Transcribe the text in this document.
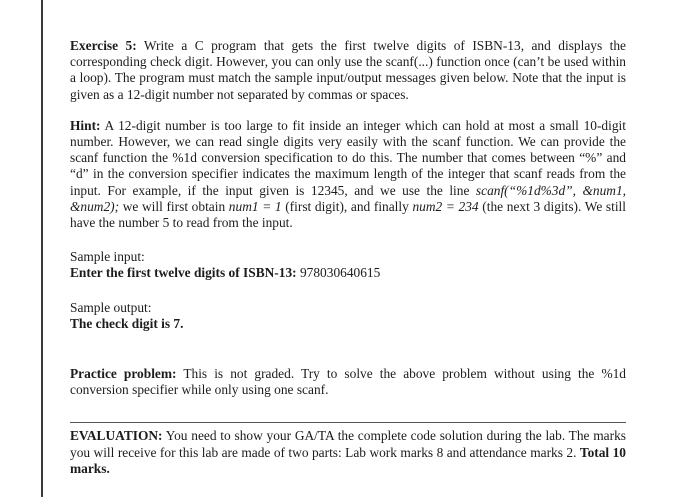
Exercise 5: Write a C program that gets the first twelve digits of ISBN-13, and displays the corresponding check digit. However, you can only use the scanf(...) function once (can’t be used within a loop). The program must match the sample input/output messages given below. Note that the input is given as a 12-digit number not separated by commas or spaces.

Hint: A 12-digit number is too large to fit inside an integer which can hold at most a small 10-digit number. However, we can read single digits very easily with the scanf function. We can provide the scanf function the %1d conversion specification to do this. The number that comes between “%” and “d” in the conversion specifier indicates the maximum length of the integer that scanf reads from the input. For example, if the input given is 12345, and we use the line scanf(“%1d%3d”, &num1, &num2); we will first obtain num1 = 1 (first digit), and finally num2 = 234 (the next 3 digits). We still have the number 5 to read from the input.

Sample input:

Enter the first twelve digits of ISBN-13: 978030640615

Sample output:

The check digit is 7.

Practice problem: This is not graded. Try to solve the above problem without using the %1d conversion specifier while only using one scanf.

EVALUATION: You need to show your GA/TA the complete code solution during the lab. The marks you will receive for this lab are made of two parts: Lab work marks 8 and attendance marks 2. Total 10 marks.
